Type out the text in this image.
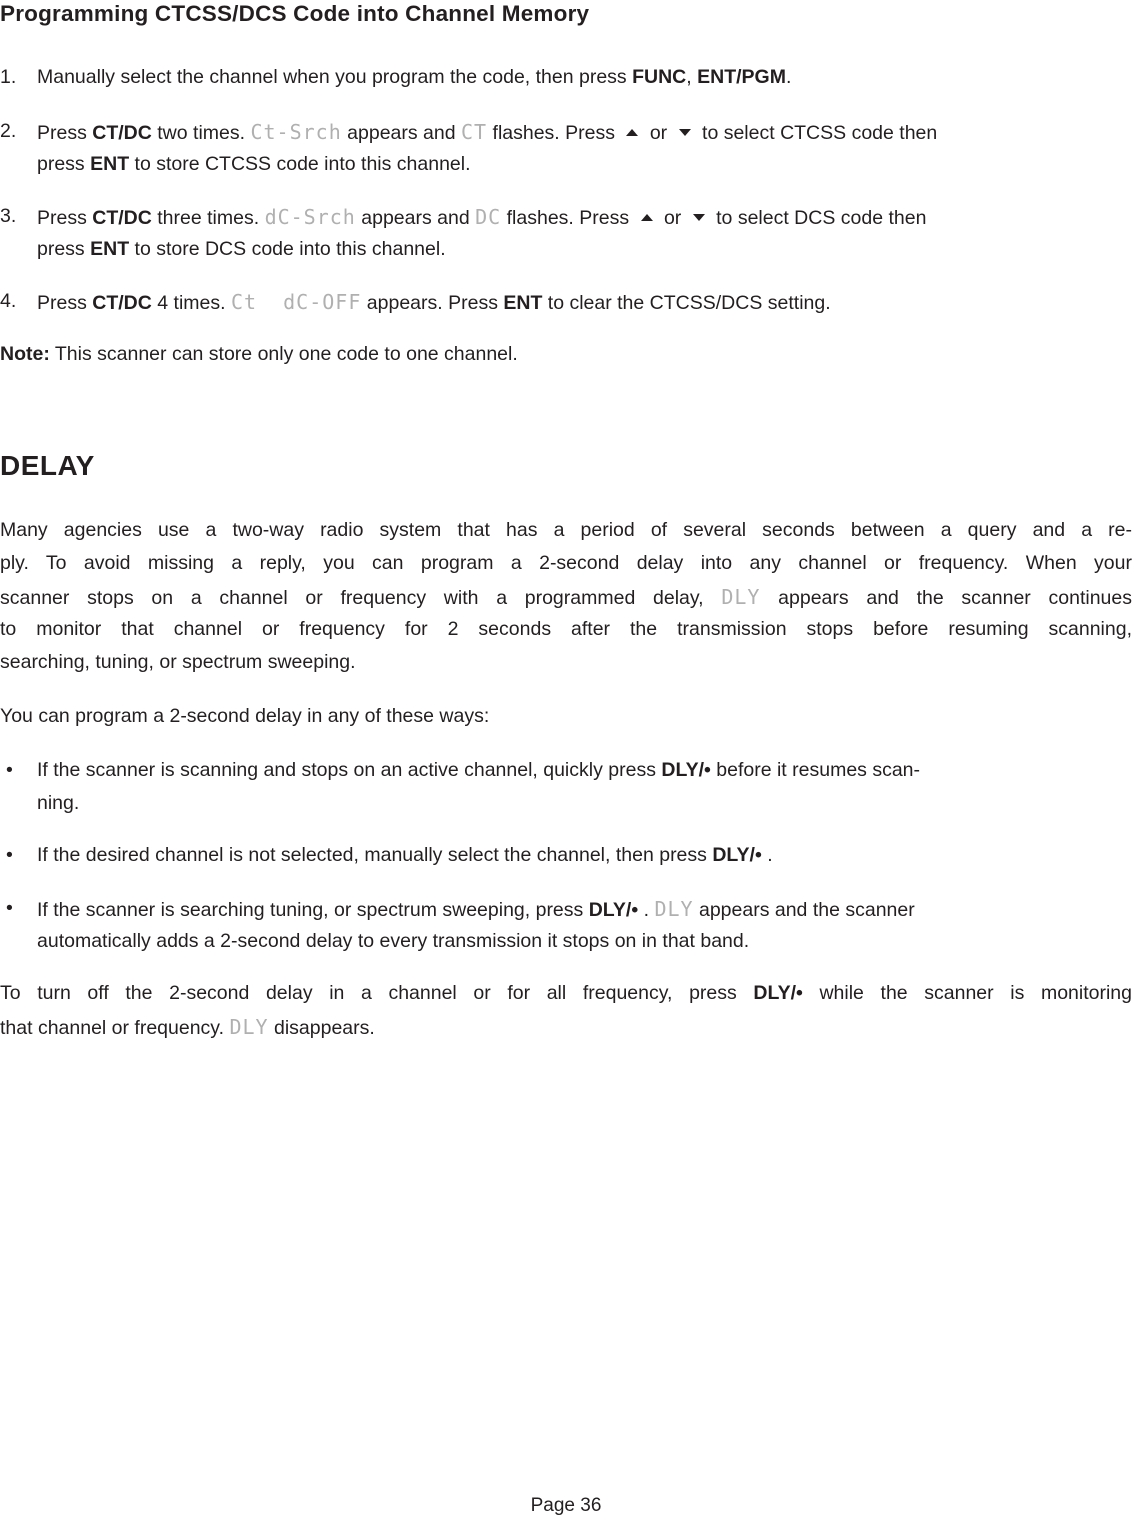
Programming CTCSS/DCS Code into Channel Memory
1. Manually select the channel when you program the code, then press FUNC, ENT/PGM.
2. Press CT/DC two times. Ct-Srch appears and CT flashes. Press  or  to select CTCSS code then
press ENT to store CTCSS code into this channel.
3. Press CT/DC three times. dC-Srch appears and DC flashes. Press  or  to select DCS code then
press ENT to store DCS code into this channel.
4. Press CT/DC 4 times. Ct  dC-OFF appears. Press ENT to clear the CTCSS/DCS setting.
Note: This scanner can store only one code to one channel.
DELAY
Many agencies use a two-way radio system that has a period of several seconds between a query and a re-
ply. To avoid missing a reply, you can program a 2-second delay into any channel or frequency. When your
scanner stops on a channel or frequency with a programmed delay, DLY appears and the scanner continues
to monitor that channel or frequency for 2 seconds after the transmission stops before resuming scanning,
searching, tuning, or spectrum sweeping.
You can program a 2-second delay in any of these ways:
• If the scanner is scanning and stops on an active channel, quickly press DLY/• before it resumes scan-
ning.
• If the desired channel is not selected, manually select the channel, then press DLY/• .
• If the scanner is searching tuning, or spectrum sweeping, press DLY/• . DLY appears and the scanner
automatically adds a 2-second delay to every transmission it stops on in that band.
To turn off the 2-second delay in a channel or for all frequency, press DLY/• while the scanner is monitoring
that channel or frequency. DLY disappears.
Page 36
